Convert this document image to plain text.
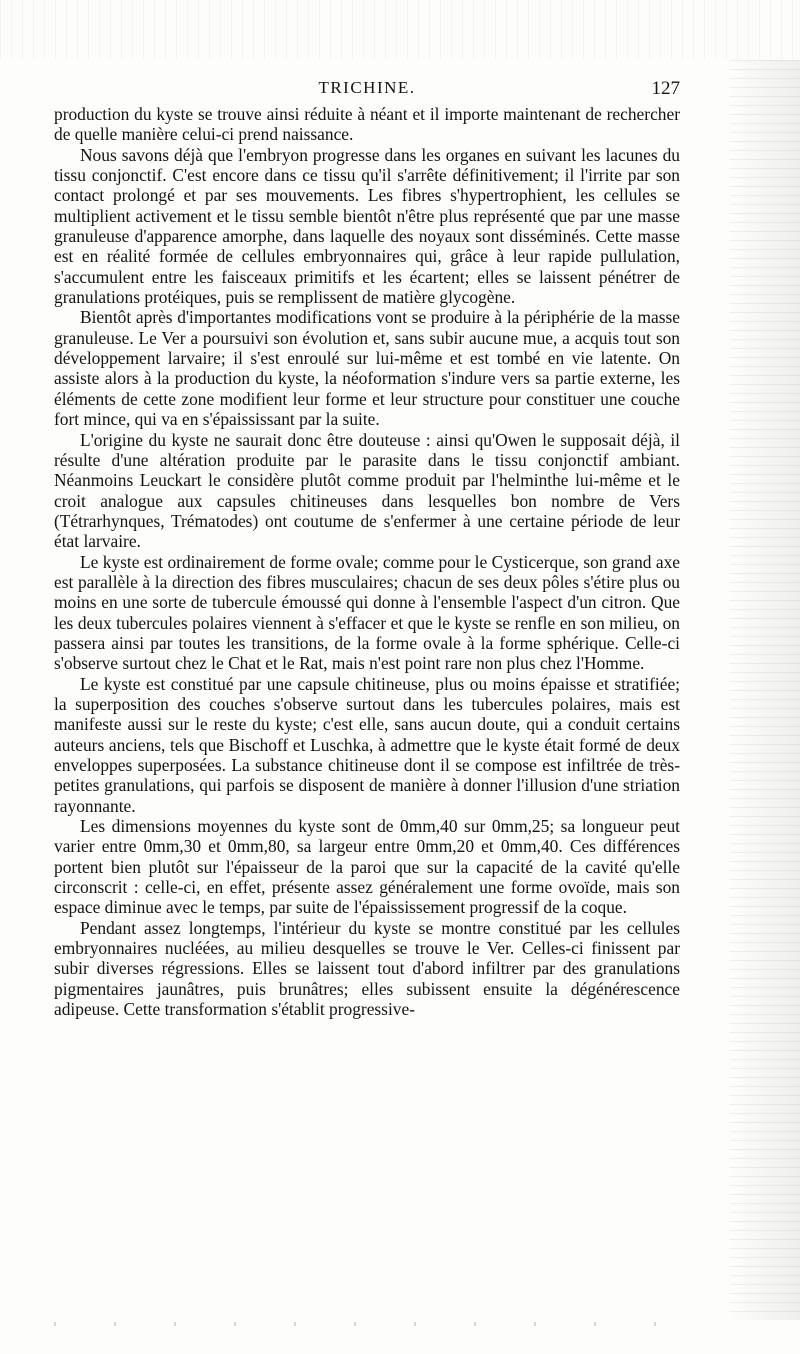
TRICHINE.	127

production du kyste se trouve ainsi réduite à néant et il importe maintenant de rechercher de quelle manière celui-ci prend naissance.

Nous savons déjà que l'embryon progresse dans les organes en suivant les lacunes du tissu conjonctif. C'est encore dans ce tissu qu'il s'arrête définitivement; il l'irrite par son contact prolongé et par ses mouvements. Les fibres s'hypertrophient, les cellules se multiplient activement et le tissu semble bientôt n'être plus représenté que par une masse granuleuse d'apparence amorphe, dans laquelle des noyaux sont disséminés. Cette masse est en réalité formée de cellules embryonnaires qui, grâce à leur rapide pullulation, s'accumulent entre les faisceaux primitifs et les écartent; elles se laissent pénétrer de granulations protéiques, puis se remplissent de matière glycogène.

Bientôt après d'importantes modifications vont se produire à la périphérie de la masse granuleuse. Le Ver a poursuivi son évolution et, sans subir aucune mue, a acquis tout son développement larvaire; il s'est enroulé sur lui-même et est tombé en vie latente. On assiste alors à la production du kyste, la néoformation s'indure vers sa partie externe, les éléments de cette zone modifient leur forme et leur structure pour constituer une couche fort mince, qui va en s'épaississant par la suite.

L'origine du kyste ne saurait donc être douteuse : ainsi qu'Owen le supposait déjà, il résulte d'une altération produite par le parasite dans le tissu conjonctif ambiant. Néanmoins Leuckart le considère plutôt comme produit par l'helminthe lui-même et le croit analogue aux capsules chitineuses dans lesquelles bon nombre de Vers (Tétrarhynques, Trématodes) ont coutume de s'enfermer à une certaine période de leur état larvaire.

Le kyste est ordinairement de forme ovale; comme pour le Cysticerque, son grand axe est parallèle à la direction des fibres musculaires; chacun de ses deux pôles s'étire plus ou moins en une sorte de tubercule émoussé qui donne à l'ensemble l'aspect d'un citron. Que les deux tubercules polaires viennent à s'effacer et que le kyste se renfle en son milieu, on passera ainsi par toutes les transitions, de la forme ovale à la forme sphérique. Celle-ci s'observe surtout chez le Chat et le Rat, mais n'est point rare non plus chez l'Homme.

Le kyste est constitué par une capsule chitineuse, plus ou moins épaisse et stratifiée; la superposition des couches s'observe surtout dans les tubercules polaires, mais est manifeste aussi sur le reste du kyste; c'est elle, sans aucun doute, qui a conduit certains auteurs anciens, tels que Bischoff et Luschka, à admettre que le kyste était formé de deux enveloppes superposées. La substance chitineuse dont il se compose est infiltrée de très-petites granulations, qui parfois se disposent de manière à donner l'illusion d'une striation rayonnante.

Les dimensions moyennes du kyste sont de 0mm,40 sur 0mm,25; sa longueur peut varier entre 0mm,30 et 0mm,80, sa largeur entre 0mm,20 et 0mm,40. Ces différences portent bien plutôt sur l'épaisseur de la paroi que sur la capacité de la cavité qu'elle circonscrit : celle-ci, en effet, présente assez généralement une forme ovoïde, mais son espace diminue avec le temps, par suite de l'épaississement progressif de la coque.

Pendant assez longtemps, l'intérieur du kyste se montre constitué par les cellules embryonnaires nucléées, au milieu desquelles se trouve le Ver. Celles-ci finissent par subir diverses régressions. Elles se laissent tout d'abord infiltrer par des granulations pigmentaires jaunâtres, puis brunâtres; elles subissent ensuite la dégénérescence adipeuse. Cette transformation s'établit progressive-
